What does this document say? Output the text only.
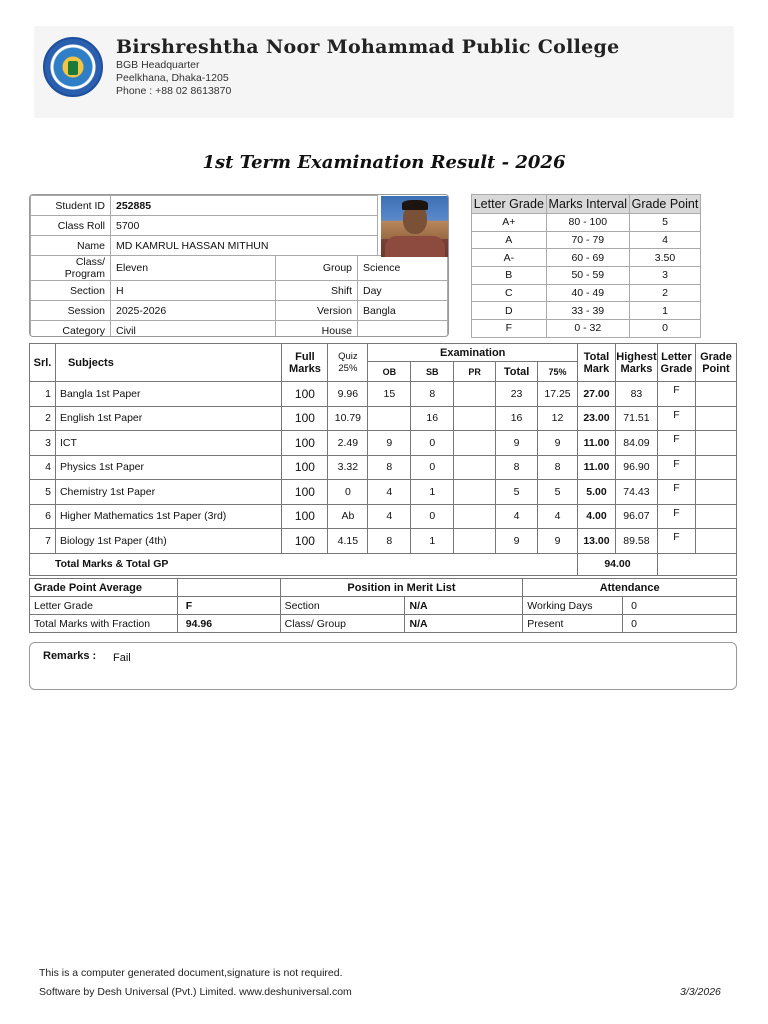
Birshreshtha Noor Mohammad Public College
BGB Headquarter
Peelkhana, Dhaka-1205
Phone : +88 02 8613870
1st Term Examination Result - 2026
Student ID	252885			
Class Roll	5700			
Name	MD KAMRUL HASSAN MITHUN			
Class/ Program	Eleven	Group	Science	
Section	H	Shift	Day	
Session	2025-2026	Version	Bangla	
Category	Civil	House		
Letter Grade	Marks Interval	Grade Point
A+	80 - 100	5
A	70 - 79	4
A-	60 - 69	3.50
B	50 - 59	3
C	40 - 49	2
D	33 - 39	1
F	0 - 32	0
Srl.	Subjects	Full Marks	Quiz
25%	Examination					Total Mark	Highest Marks	Letter Grade	Grade Point
				OB	SB	PR	Total	75%				
1	Bangla 1st Paper	100	9.96	15	8		23	17.25	27.00	83	F	
2	English 1st Paper	100	10.79		16		16	12	23.00	71.51	F	
3	ICT	100	2.49	9	0		9	9	11.00	84.09	F	
4	Physics 1st Paper	100	3.32	8	0		8	8	11.00	96.90	F	
5	Chemistry 1st Paper	100	0	4	1		5	5	5.00	74.43	F	
6	Higher Mathematics 1st Paper (3rd)	100	Ab	4	0		4	4	4.00	96.07	F	
7	Biology 1st Paper (4th)	100	4.15	8	1		9	9	13.00	89.58	F	
Total Marks & Total GP									94.00			
Grade Point Average		Position in Merit List		Attendance	
Letter Grade	F	Section	N/A	Working Days	0
Total Marks with Fraction	94.96	Class/ Group	N/A	Present	0
Remarks : Fail
This is a computer generated document,signature is not required.
Software by Desh Universal (Pvt.) Limited. www.deshuniversal.com	3/3/2026
